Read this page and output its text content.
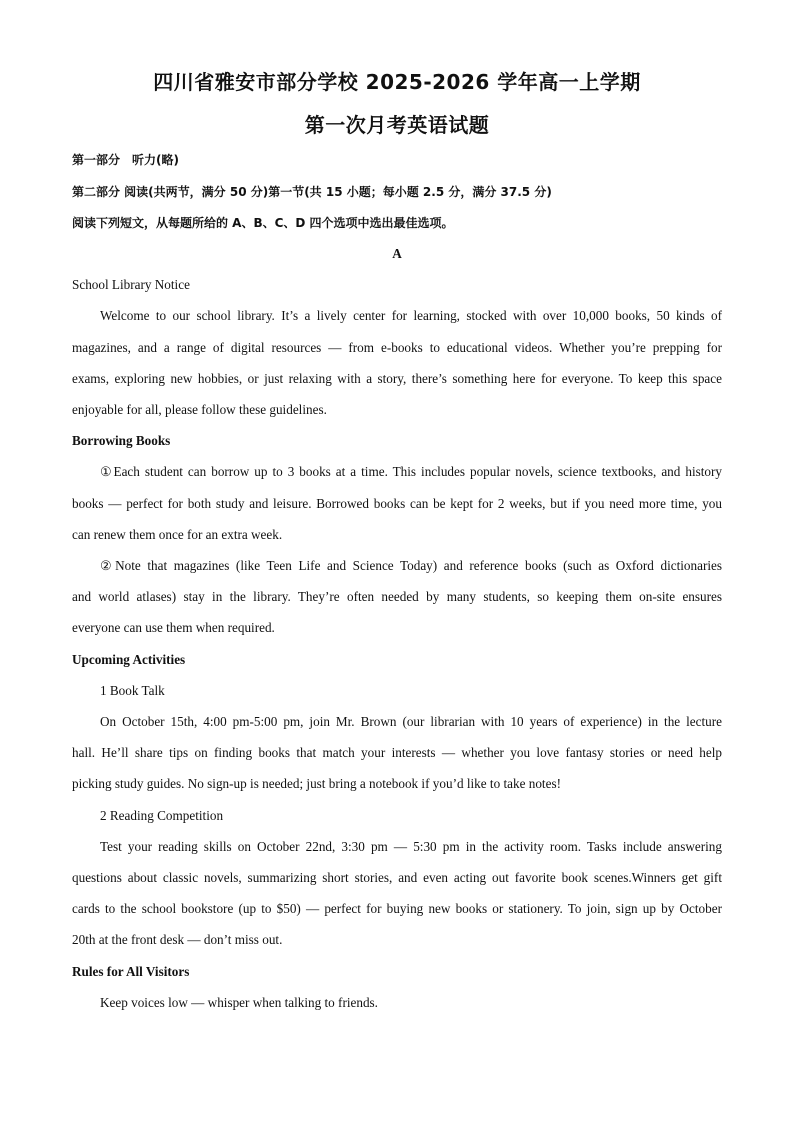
四川省雅安市部分学校 2025-2026 学年高一上学期
第一次月考英语试题
第一部分　听力(略)
第二部分 阅读(共两节，满分 50 分)第一节(共 15 小题；每小题 2.5 分，满分 37.5 分)
阅读下列短文，从每题所给的 A、B、C、D 四个选项中选出最佳选项。
A
School Library Notice
Welcome to our school library. It’s a lively center for learning, stocked with over 10,000 books, 50 kinds of
magazines, and a range of digital resources — from e-books to educational videos. Whether you’re prepping for
exams, exploring new hobbies, or just relaxing with a story, there’s something here for everyone. To keep this space
enjoyable for all, please follow these guidelines.
Borrowing Books
①Each student can borrow up to 3 books at a time. This includes popular novels, science textbooks, and history
books — perfect for both study and leisure. Borrowed books can be kept for 2 weeks, but if you need more time, you
can renew them once for an extra week.
②Note that magazines (like Teen Life and Science Today) and reference books (such as Oxford dictionaries
and world atlases) stay in the library. They’re often needed by many students, so keeping them on-site ensures
everyone can use them when required.
Upcoming Activities
1 Book Talk
On October 15th, 4:00 pm-5:00 pm, join Mr. Brown (our librarian with 10 years of experience) in the lecture
hall. He’ll share tips on finding books that match your interests — whether you love fantasy stories or need help
picking study guides. No sign-up is needed; just bring a notebook if you’d like to take notes!
2 Reading Competition
Test your reading skills on October 22nd, 3:30 pm — 5:30 pm in the activity room. Tasks include answering
questions about classic novels, summarizing short stories, and even acting out favorite book scenes.Winners get gift
cards to the school bookstore (up to $50) — perfect for buying new books or stationery. To join, sign up by October
20th at the front desk — don’t miss out.
Rules for All Visitors
Keep voices low — whisper when talking to friends.
